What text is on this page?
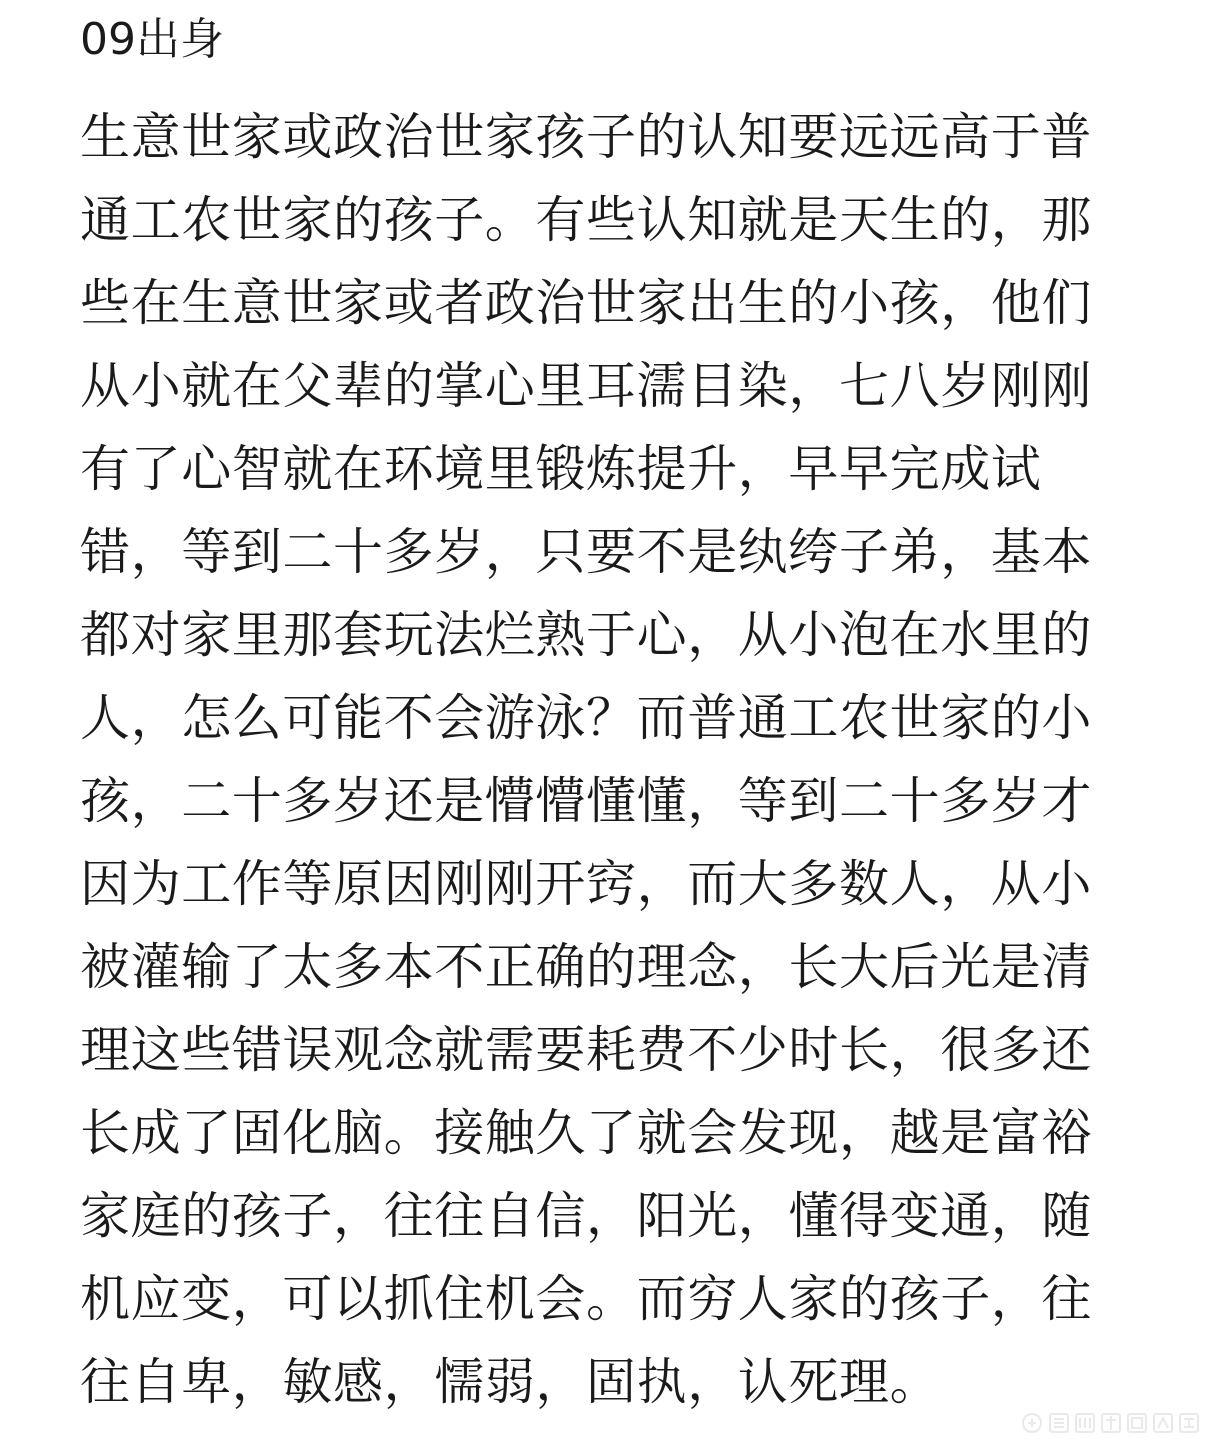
09出身
生意世家或政治世家孩子的认知要远远高于普
通工农世家的孩子。有些认知就是天生的，那
些在生意世家或者政治世家出生的小孩，他们
从小就在父辈的掌心里耳濡目染，七八岁刚刚
有了心智就在环境里锻炼提升，早早完成试
错，等到二十多岁，只要不是纨绔子弟，基本
都对家里那套玩法烂熟于心，从小泡在水里的
人，怎么可能不会游泳？而普通工农世家的小
孩，二十多岁还是懵懵懂懂，等到二十多岁才
因为工作等原因刚刚开窍，而大多数人，从小
被灌输了太多本不正确的理念，长大后光是清
理这些错误观念就需要耗费不少时长，很多还
长成了固化脑。接触久了就会发现，越是富裕
家庭的孩子，往往自信，阳光，懂得变通，随
机应变，可以抓住机会。而穷人家的孩子，往
往自卑，敏感，懦弱，固执，认死理。
